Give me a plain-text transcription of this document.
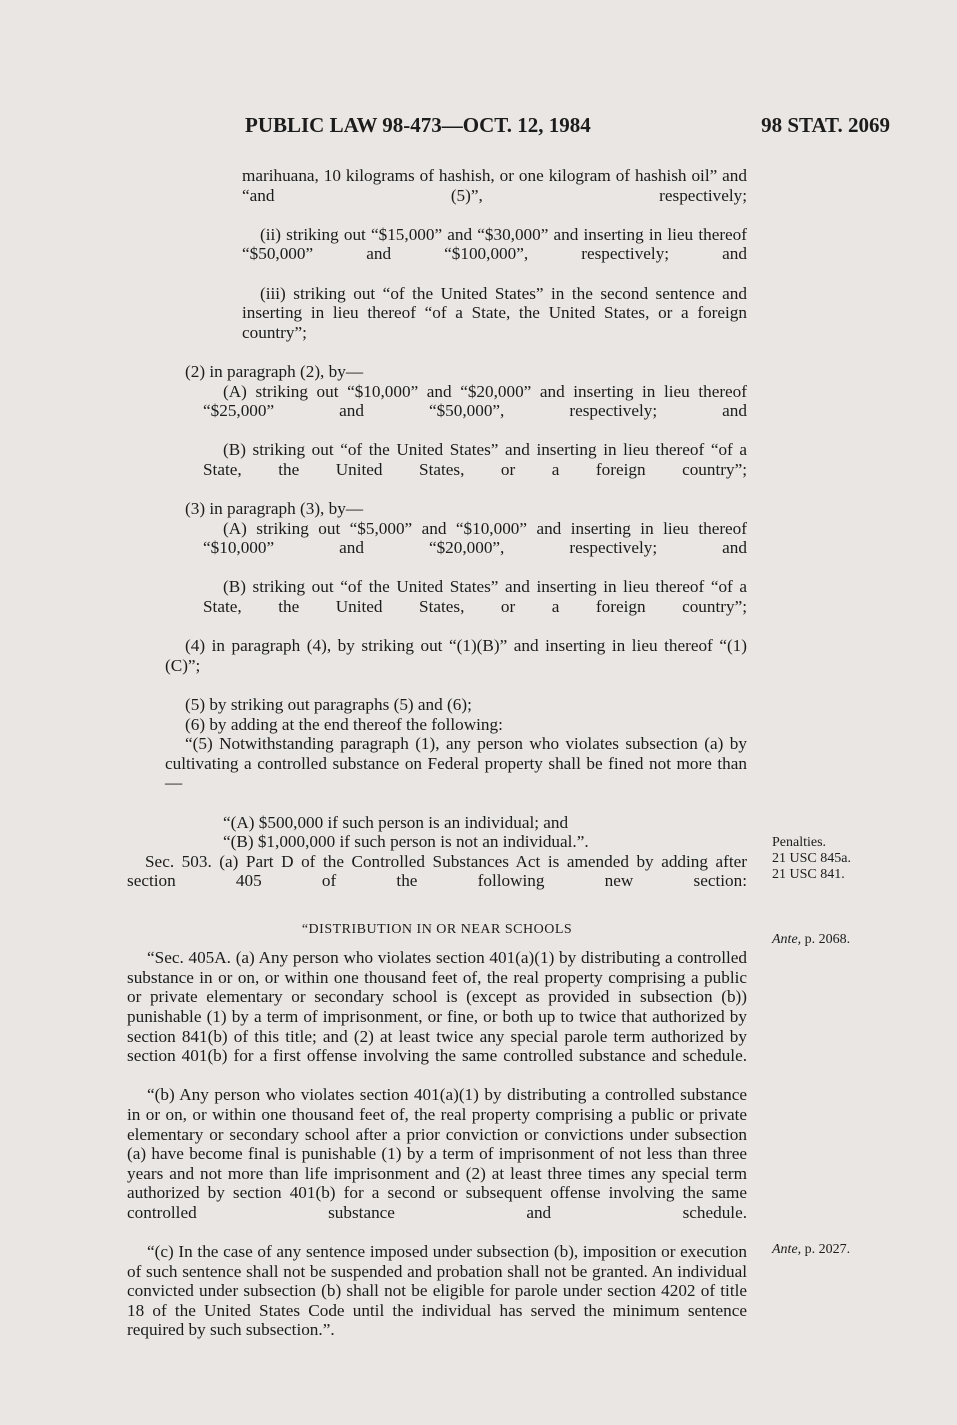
PUBLIC LAW 98-473—OCT. 12, 1984	98 STAT. 2069

marihuana, 10 kilograms of hashish, or one kilogram of hashish oil” and “and (5)”, respectively;

(ii) striking out “$15,000” and “$30,000” and inserting in lieu thereof “$50,000” and “$100,000”, respectively; and

(iii) striking out “of the United States” in the second sentence and inserting in lieu thereof “of a State, the United States, or a foreign country”;

(2) in paragraph (2), by—

(A) striking out “$10,000” and “$20,000” and inserting in lieu thereof “$25,000” and “$50,000”, respectively; and

(B) striking out “of the United States” and inserting in lieu thereof “of a State, the United States, or a foreign country”;

(3) in paragraph (3), by—

(A) striking out “$5,000” and “$10,000” and inserting in lieu thereof “$10,000” and “$20,000”, respectively; and

(B) striking out “of the United States” and inserting in lieu thereof “of a State, the United States, or a foreign country”;

(4) in paragraph (4), by striking out “(1)(B)” and inserting in lieu thereof “(1)(C)”;

(5) by striking out paragraphs (5) and (6);

(6) by adding at the end thereof the following:

“(5) Notwithstanding paragraph (1), any person who violates subsection (a) by cultivating a controlled substance on Federal property shall be fined not more than—

“(A) $500,000 if such person is an individual; and

“(B) $1,000,000 if such person is not an individual.”.

Sec. 503. (a) Part D of the Controlled Substances Act is amended by adding after section 405 of the following new section:

“DISTRIBUTION IN OR NEAR SCHOOLS

“Sec. 405A. (a) Any person who violates section 401(a)(1) by distributing a controlled substance in or on, or within one thousand feet of, the real property comprising a public or private elementary or secondary school is (except as provided in subsection (b)) punishable (1) by a term of imprisonment, or fine, or both up to twice that authorized by section 841(b) of this title; and (2) at least twice any special parole term authorized by section 401(b) for a first offense involving the same controlled substance and schedule.

“(b) Any person who violates section 401(a)(1) by distributing a controlled substance in or on, or within one thousand feet of, the real property comprising a public or private elementary or secondary school after a prior conviction or convictions under subsection (a) have become final is punishable (1) by a term of imprisonment of not less than three years and not more than life imprisonment and (2) at least three times any special term authorized by section 401(b) for a second or subsequent offense involving the same controlled substance and schedule.

“(c) In the case of any sentence imposed under subsection (b), imposition or execution of such sentence shall not be suspended and probation shall not be granted. An individual convicted under subsection (b) shall not be eligible for parole under section 4202 of title 18 of the United States Code until the individual has served the minimum sentence required by such subsection.”.

Penalties.
21 USC 845a.
21 USC 841.
Ante, p. 2068.
Ante, p. 2027.
